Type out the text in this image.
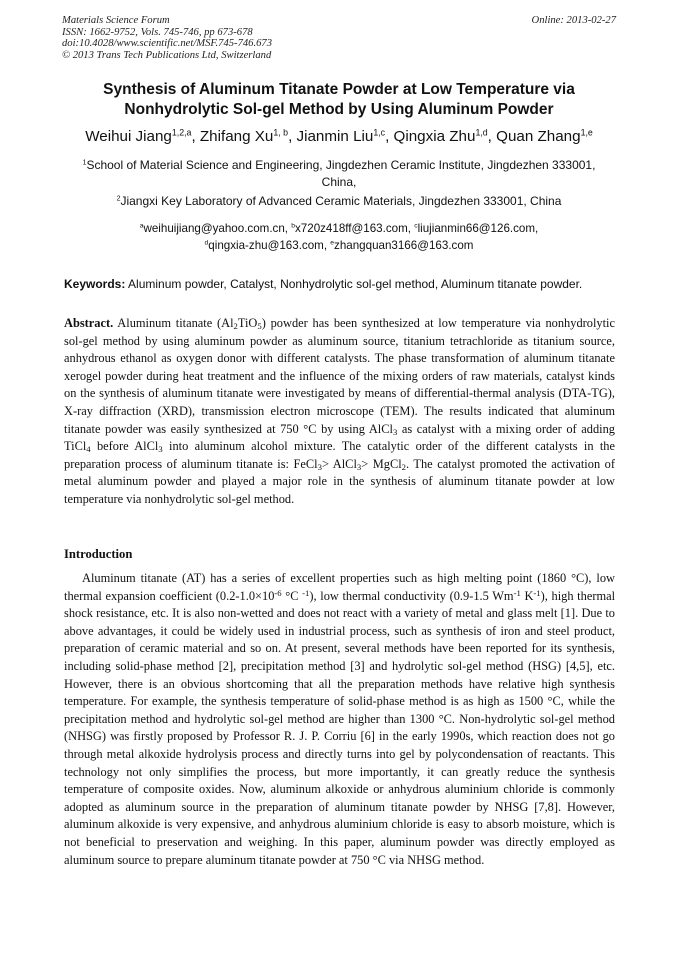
Materials Science Forum
ISSN: 1662-9752, Vols. 745-746, pp 673-678
doi:10.4028/www.scientific.net/MSF.745-746.673
© 2013 Trans Tech Publications Ltd, Switzerland
Online: 2013-02-27
Synthesis of Aluminum Titanate Powder at Low Temperature via
Nonhydrolytic Sol-gel Method by Using Aluminum Powder
Weihui Jiang$^{1,2,a}$, Zhifang Xu$^{1, b}$, Jianmin Liu$^{1,c}$, Qingxia Zhu$^{1,d}$, Quan Zhang$^{1,e}$
$^1$School of Material Science and Engineering, Jingdezhen Ceramic Institute, Jingdezhen 333001,
China,
$^2$Jiangxi Key Laboratory of Advanced Ceramic Materials, Jingdezhen 333001, China
$^a$weihuijiang@yahoo.com.cn, $^b$x720z418ff@163.com, $^c$liujianmin66@126.com,
$^d$qingxia-zhu@163.com, $^e$zhangquan3166@163.com
Keywords: Aluminum powder, Catalyst, Nonhydrolytic sol-gel method, Aluminum titanate powder.
Abstract. Aluminum titanate $(Al_2TiO_5)$ powder has been synthesized at low temperature via nonhydrolytic sol-gel method by using aluminum powder as aluminum source, titanium tetrachloride as titanium source, anhydrous ethanol as oxygen donor with different catalysts. The phase transformation of aluminum titanate xerogel powder during heat treatment and the influence of the mixing orders of raw materials, catalyst kinds on the synthesis of aluminum titanate were investigated by means of differential-thermal analysis (DTA-TG), X-ray diffraction (XRD), transmission electron microscope (TEM). The results indicated that aluminum titanate powder was easily synthesized at 750 °C by using AlCl$_3$ as catalyst with a mixing order of adding TiCl$_4$ before AlCl$_3$ into aluminum alcohol mixture. The catalytic order of the different catalysts in the preparation process of aluminum titanate is: FeCl$_3$> AlCl$_3$> MgCl$_2$. The catalyst promoted the activation of metal aluminum powder and played a major role in the synthesis of aluminum titanate powder at low temperature via nonhydrolytic sol-gel method.
Introduction
Aluminum titanate (AT) has a series of excellent properties such as high melting point (1860 °C), low thermal expansion coefficient ($0.2-1.0\times 10^{-6}$ °C $^{-1}$), low thermal conductivity (0.9-1.5 $Wm^{-1}$ $K^{-1}$), high thermal shock resistance, etc. It is also non-wetted and does not react with a variety of metal and glass melt [1]. Due to above advantages, it could be widely used in industrial process, such as synthesis of iron and steel product, preparation of ceramic material and so on. At present, several methods have been reported for its synthesis, including solid-phase method [2], precipitation method [3] and hydrolytic sol-gel method (HSG) [4,5], etc. However, there is an obvious shortcoming that all the preparation methods have relative high synthesis temperature. For example, the synthesis temperature of solid-phase method is as high as 1500 °C, while the precipitation method and hydrolytic sol-gel method are higher than 1300 °C. Non-hydrolytic sol-gel method (NHSG) was firstly proposed by Professor R. J. P. Corriu [6] in the early 1990s, which reaction does not go through metal alkoxide hydrolysis process and directly turns into gel by polycondensation of reactants. This technology not only simplifies the process, but more importantly, it can greatly reduce the synthesis temperature of composite oxides. Now, aluminum alkoxide or anhydrous aluminium chloride is commonly adopted as aluminum source in the preparation of aluminum titanate powder by NHSG [7,8]. However, aluminum alkoxide is very expensive, and anhydrous aluminium chloride is easy to absorb moisture, which is not beneficial to preservation and weighing. In this paper, aluminum powder was directly employed as aluminum source to prepare aluminum titanate powder at 750 °C via NHSG method.
